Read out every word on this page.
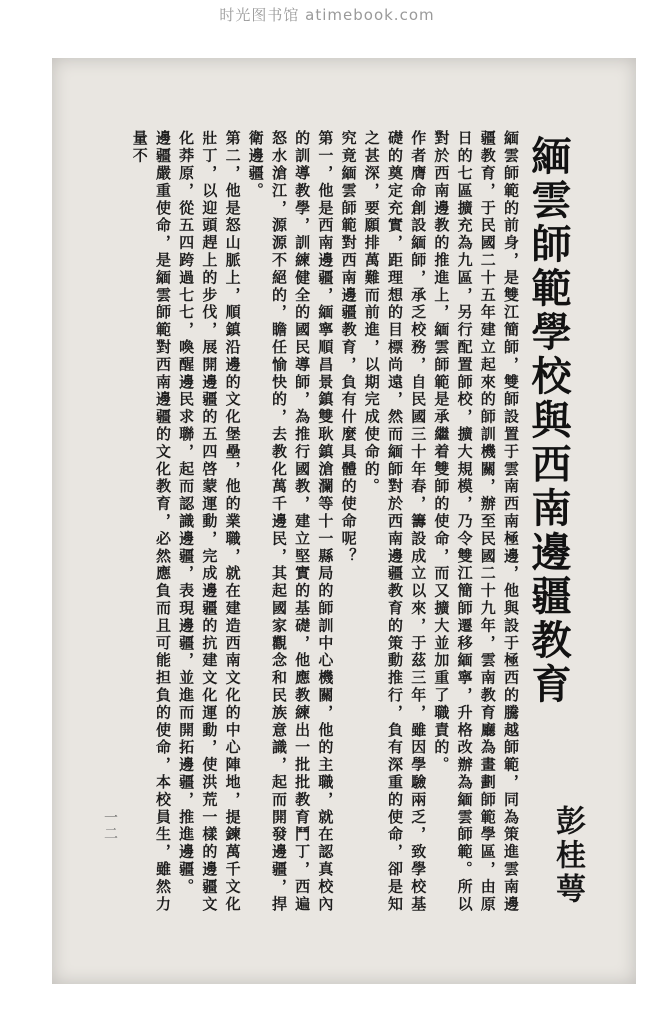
时光图书馆 atimebook.com
緬雲師範學校與西南邊疆教育
彭桂萼

緬雲師範的前身，是雙江簡師，雙師設置于雲南西南極邊，他與設于極西的騰越師範，同為策進雲南邊疆教育，于民國二十五年建立起來的師訓機關，辦至民國二十九年，雲南教育廳為畫劃師範學區，由原日的七區擴充為九區，另行配置師校，擴大規模，乃令雙江簡師遷移緬寧，升格改辦為緬雲師範。所以對於西南邊教的推進上，緬雲師範是承繼着雙師的使命，而又擴大並加重了職責的。

作者膺命創設緬師，承乏校務，自民國三十年春，籌設成立以來，于茲三年，雖因學驗兩乏，致學校基礎的奠定充實，距理想的目標尚遠，然而緬師對於西南邊疆教育的策動推行，負有深重的使命，卻是知之甚深，要願排萬難而前進，以期完成使命的。

究竟緬雲師範對西南邊疆教育，負有什麼具體的使命呢？

第一，他是西南邊疆，緬寧順昌景鎮雙耿鎮滄瀾等十一縣局的師訓中心機關，他的主職，就在認真校內的訓導教學，訓練健全的國民導師，為推行國教，建立堅實的基礎，他應教練出一批批教育鬥丁，西遍怒水滄江，源源不絕的，瞻任愉快的，去教化萬千邊民，其起國家觀念和民族意識，起而開發邊疆，捍衛邊疆。

第二，他是怒山脈上，順鎮沿邊的文化堡壘，他的業職，就在建造西南文化的中心陣地，提鍊萬千文化壯丁，以迎頭趕上的步伐，展開邊疆的五四啓蒙運動，完成邊疆的抗建文化運動，使洪荒一樣的邊疆文化莽原，從五四跨過七七，喚醒邊民求聯，起而認識邊疆，表現邊疆，並進而開拓邊疆，推進邊疆。

邊疆嚴重使命，是緬雲師範對西南邊疆的文化教育，必然應負而且可能担負的使命，本校員生，雖然力量不

一二
